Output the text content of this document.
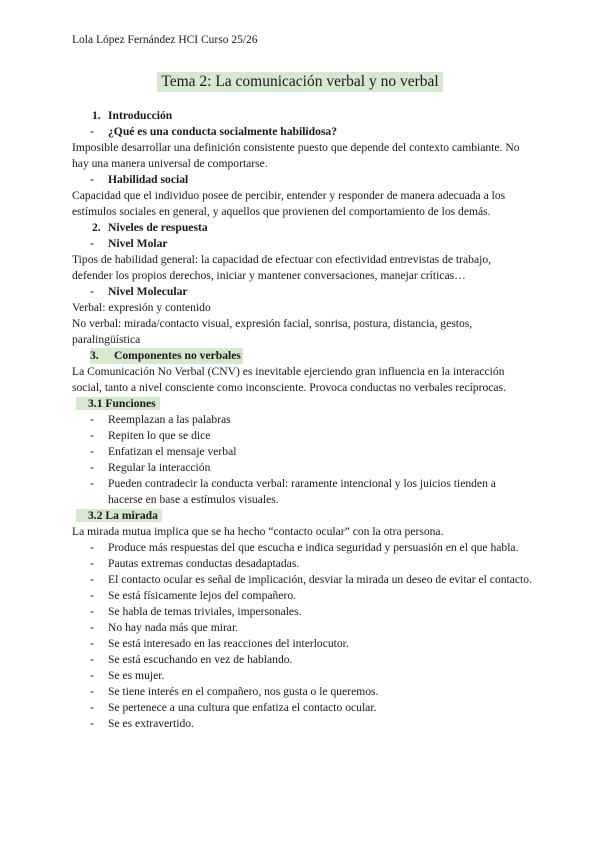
Lola López Fernández HCI Curso 25/26
Tema 2: La comunicación verbal y no verbal
1. Introducción
-	¿Qué es una conducta socialmente habilidosa?

Imposible desarrollar una definición consistente puesto que depende del contexto cambiante. No hay una manera universal de comportarse.

-	Habilidad social

Capacidad que el individuo posee de percibir, entender y responder de manera adecuada a los estímulos sociales en general, y aquellos que provienen del comportamiento de los demás.

2. Niveles de respuesta
-	Nivel Molar

Tipos de habilidad general: la capacidad de efectuar con efectividad entrevistas de trabajo, defender los propios derechos, iniciar y mantener conversaciones, manejar críticas…

-	Nivel Molecular

Verbal: expresión y contenido

No verbal: mirada/contacto visual, expresión facial, sonrisa, postura, distancia, gestos, paralingüística

3.	Componentes no verbales

La Comunicación No Verbal (CNV) es inevitable ejerciendo gran influencia en la interacción social, tanto a nivel consciente como inconsciente. Provoca conductas no verbales recíprocas.

3.1 Funciones
-	Reemplazan a las palabras
-	Repiten lo que se dice
-	Enfatizan el mensaje verbal
-	Regular la interacción
-	Pueden contradecir la conducta verbal: raramente intencional y los juicios tienden a hacerse en base a estímulos visuales.
3.2 La mirada

La mirada mutua implica que se ha hecho “contacto ocular” con la otra persona.

-	Produce más respuestas del que escucha e indica seguridad y persuasión en el que habla.
-	Pautas extremas conductas desadaptadas.
-	El contacto ocular es señal de implicación, desviar la mirada un deseo de evitar el contacto.
-	Se está físicamente lejos del compañero.
-	Se habla de temas triviales, impersonales.
-	No hay nada más que mirar.
-	Se está interesado en las reacciones del interlocutor.
-	Se está escuchando en vez de hablando.
-	Se es mujer.
-	Se tiene interés en el compañero, nos gusta o le queremos.
-	Se pertenece a una cultura que enfatiza el contacto ocular.
-	Se es extravertido.
